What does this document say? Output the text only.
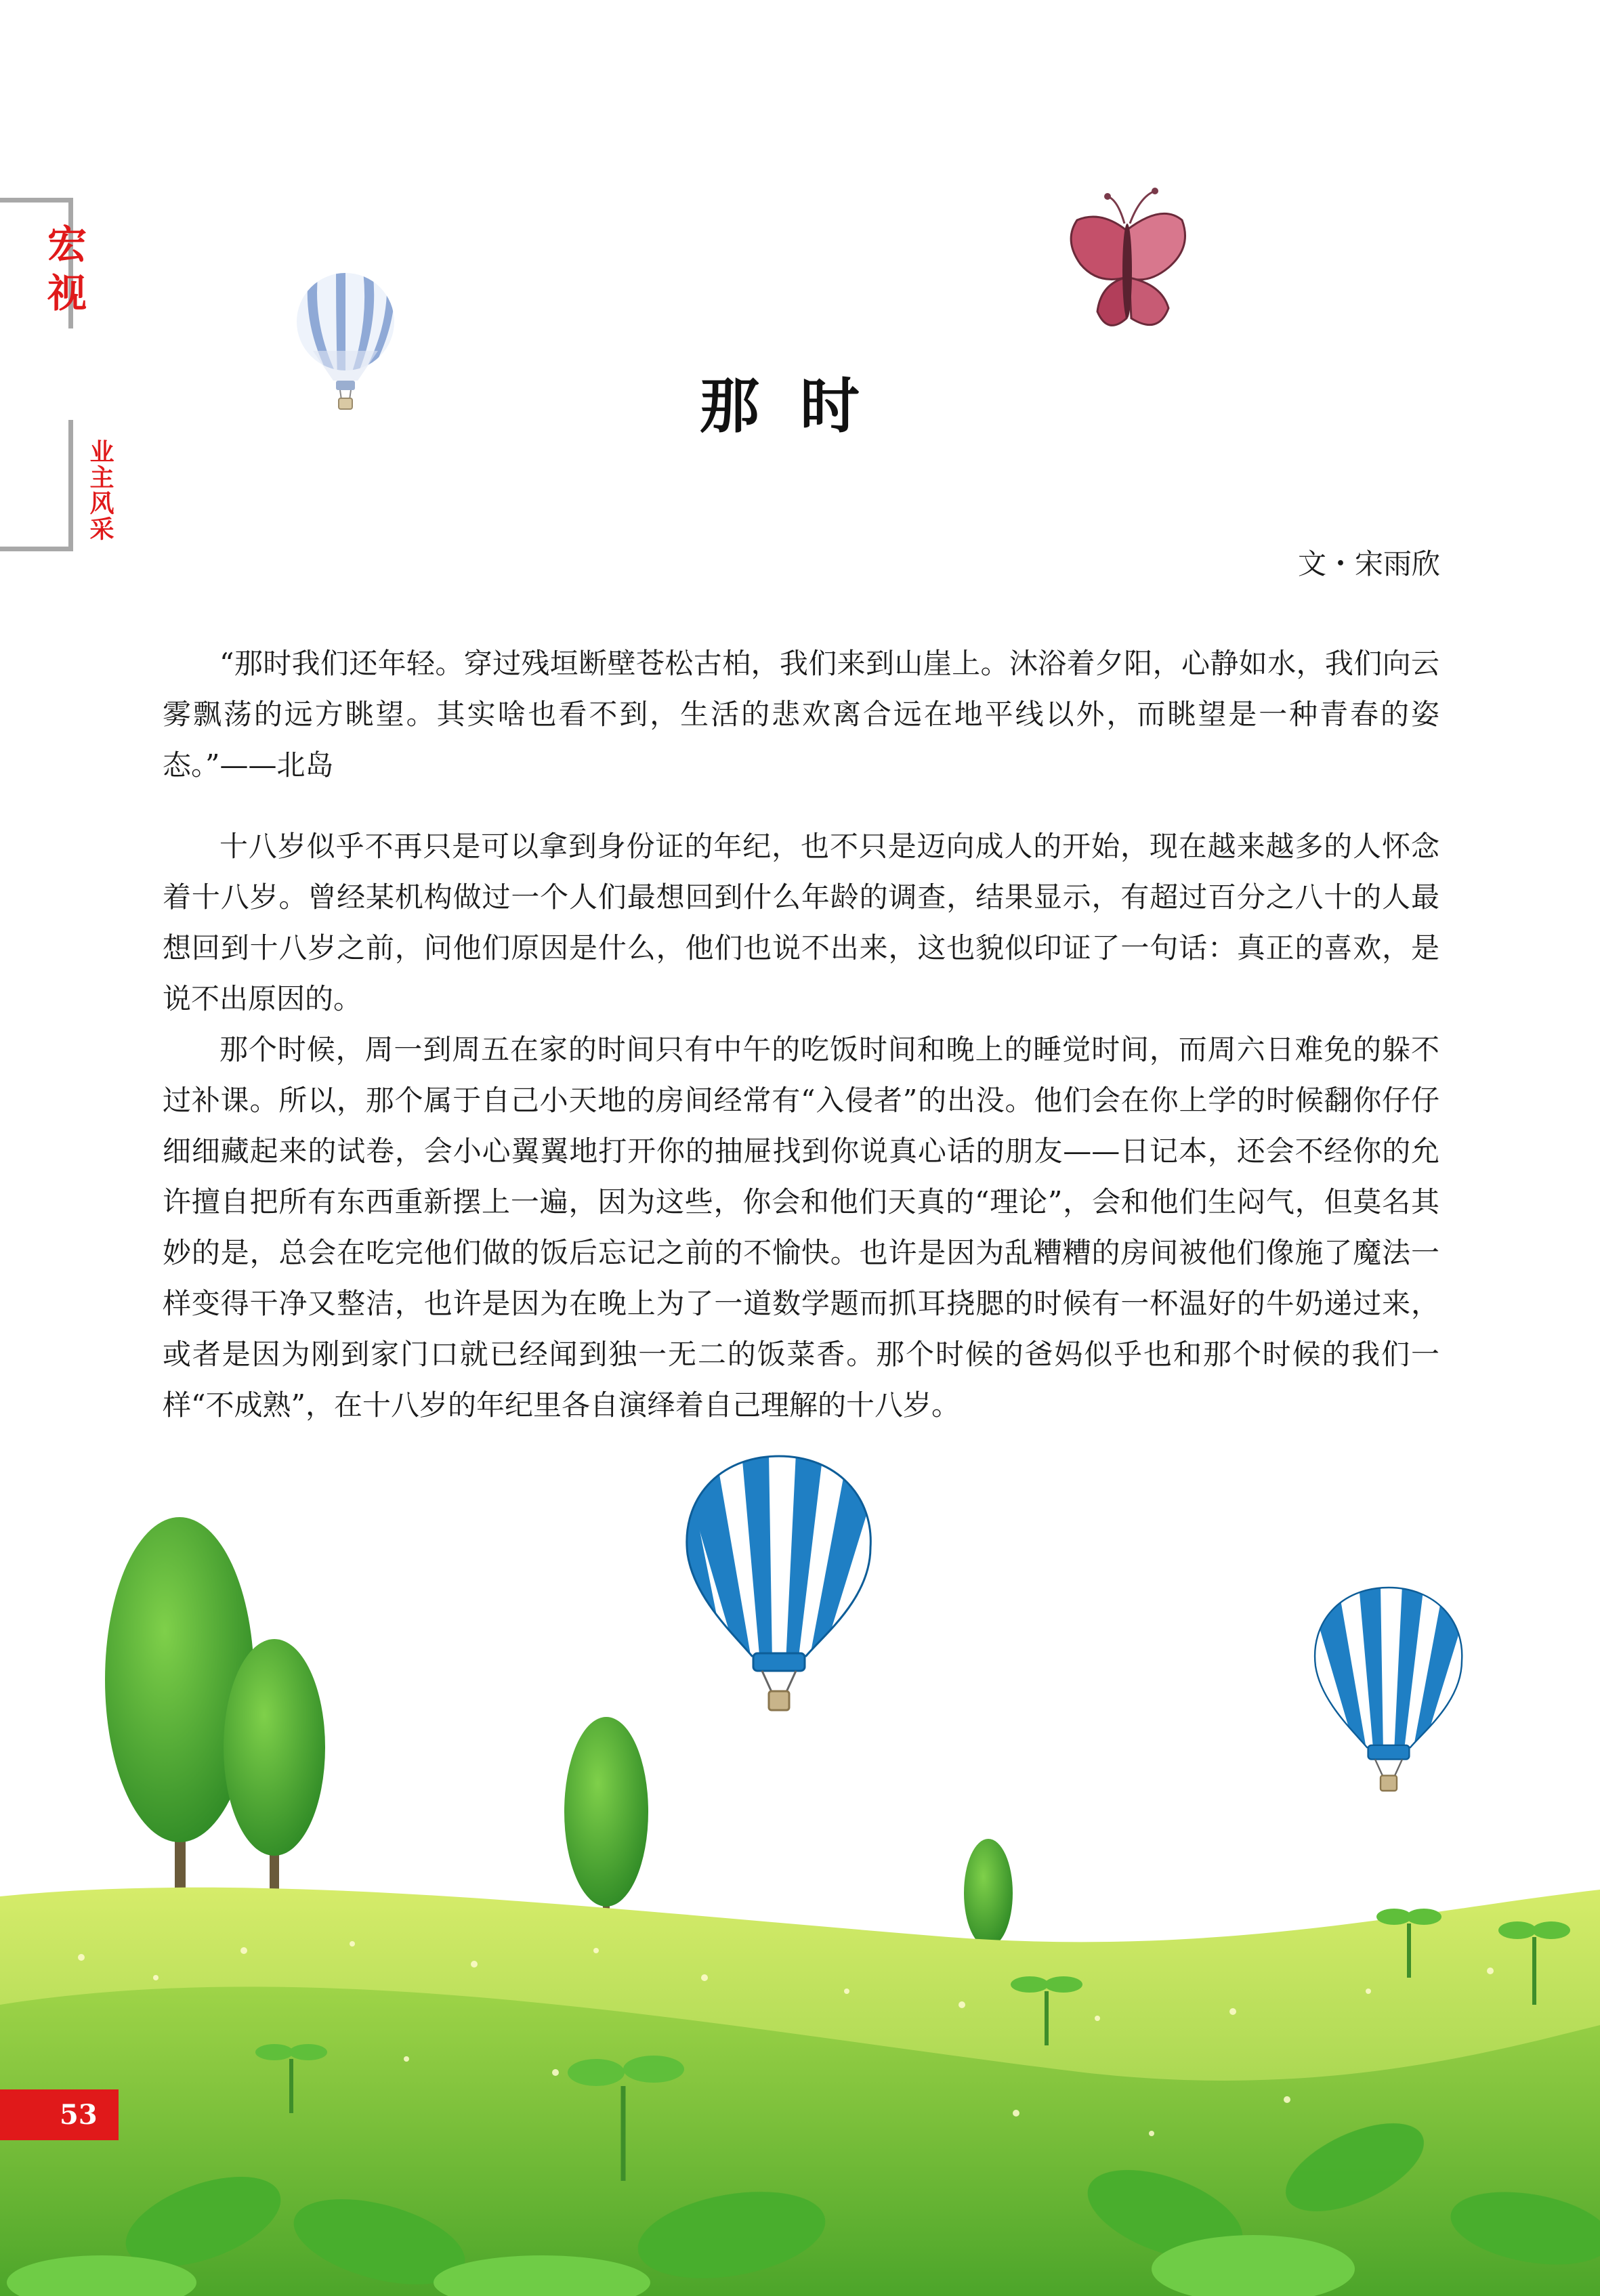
宏视
业主风采
那时
文・宋雨欣

“那时我们还年轻。穿过残垣断壁苍松古柏，我们来到山崖上。沐浴着夕阳，心静如水，我们向云雾飘荡的远方眺望。其实啥也看不到，生活的悲欢离合远在地平线以外，而眺望是一种青春的姿态。”——北岛

十八岁似乎不再只是可以拿到身份证的年纪，也不只是迈向成人的开始，现在越来越多的人怀念着十八岁。曾经某机构做过一个人们最想回到什么年龄的调查，结果显示，有超过百分之八十的人最想回到十八岁之前，问他们原因是什么，他们也说不出来，这也貌似印证了一句话：真正的喜欢，是说不出原因的。

那个时候，周一到周五在家的时间只有中午的吃饭时间和晚上的睡觉时间，而周六日难免的躲不过补课。所以，那个属于自己小天地的房间经常有“入侵者”的出没。他们会在你上学的时候翻你仔仔细细藏起来的试卷，会小心翼翼地打开你的抽屉找到你说真心话的朋友——日记本，还会不经你的允许擅自把所有东西重新摆上一遍，因为这些，你会和他们天真的“理论”，会和他们生闷气，但莫名其妙的是，总会在吃完他们做的饭后忘记之前的不愉快。也许是因为乱糟糟的房间被他们像施了魔法一样变得干净又整洁，也许是因为在晚上为了一道数学题而抓耳挠腮的时候有一杯温好的牛奶递过来，或者是因为刚到家门口就已经闻到独一无二的饭菜香。那个时候的爸妈似乎也和那个时候的我们一样“不成熟”，在十八岁的年纪里各自演绎着自己理解的十八岁。

53
